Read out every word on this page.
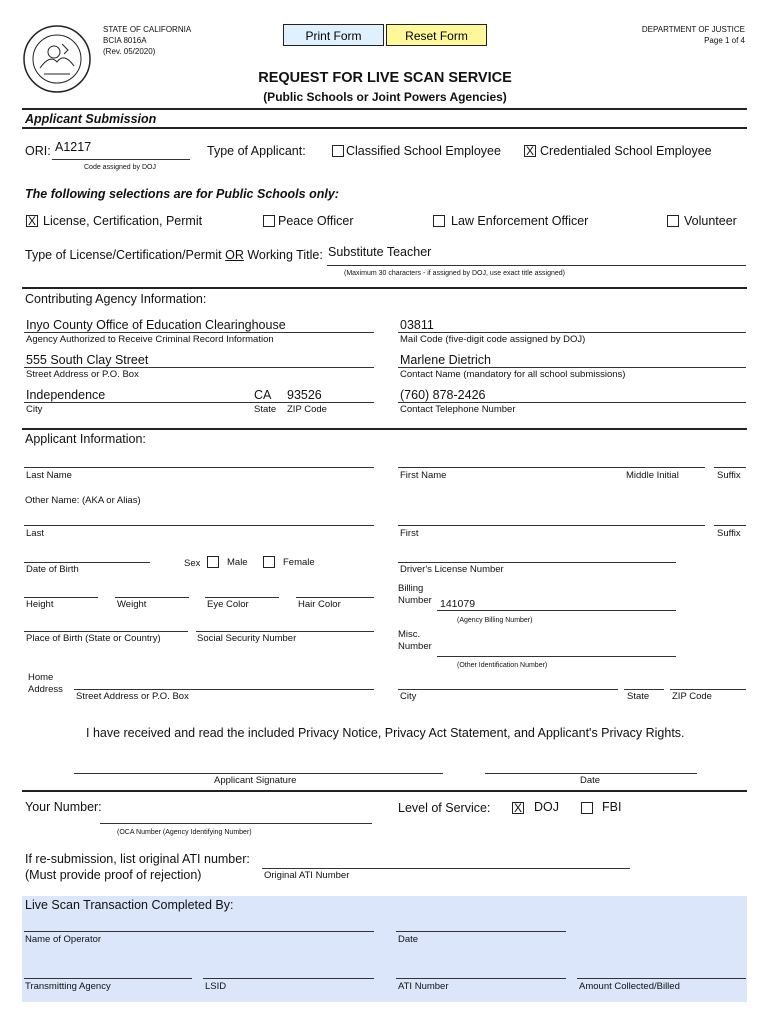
STATE OF CALIFORNIA
BCIA 8016A
(Rev. 05/2020)
Print Form	Reset Form	DEPARTMENT OF JUSTICE
Page 1 of 4
REQUEST FOR LIVE SCAN SERVICE
(Public Schools or Joint Powers Agencies)
Applicant Submission
ORI: A1217
Code assigned by DOJ
Type of Applicant:	Classified School Employee X Credentialed School Employee
The following selections are for Public Schools only:
X License, Certification, Permit	Peace Officer	Law Enforcement Officer	Volunteer
Type of License/Certification/Permit OR Working Title: Substitute Teacher
(Maximum 30 characters - if assigned by DOJ, use exact title assigned)
Contributing Agency Information:
Inyo County Office of Education Clearinghouse
Agency Authorized to Receive Criminal Record Information
03811
Mail Code (five-digit code assigned by DOJ)
555 South Clay Street
Street Address or P.O. Box
Marlene Dietrich
Contact Name (mandatory for all school submissions)
Independence	CA 93526
City	State ZIP Code
(760) 878-2426
Contact Telephone Number
Applicant Information:
Last Name	First Name	Middle Initial	Suffix
Other Name: (AKA or Alias)
Last	First	Suffix
Date of Birth
Sex	Male	Female
Driver's License Number
Height	Weight	Eye Color	Hair Color
Billing
Number 141079
(Agency Billing Number)
Place of Birth (State or Country)	Social Security Number	Misc.
Number
(Other Identification Number)
Home
Address
Street Address or P.O. Box	City	State ZIP Code
I have received and read the included Privacy Notice, Privacy Act Statement, and Applicant's Privacy Rights.
Applicant Signature	Date
Your Number:
(OCA Number (Agency Identifying Number)
Level of Service: X DOJ	FBI
If re-submission, list original ATI number:
(Must provide proof of rejection)	Original ATI Number
Live Scan Transaction Completed By:
Name of Operator	Date
Transmitting Agency	LSID	ATI Number	Amount Collected/Billed
